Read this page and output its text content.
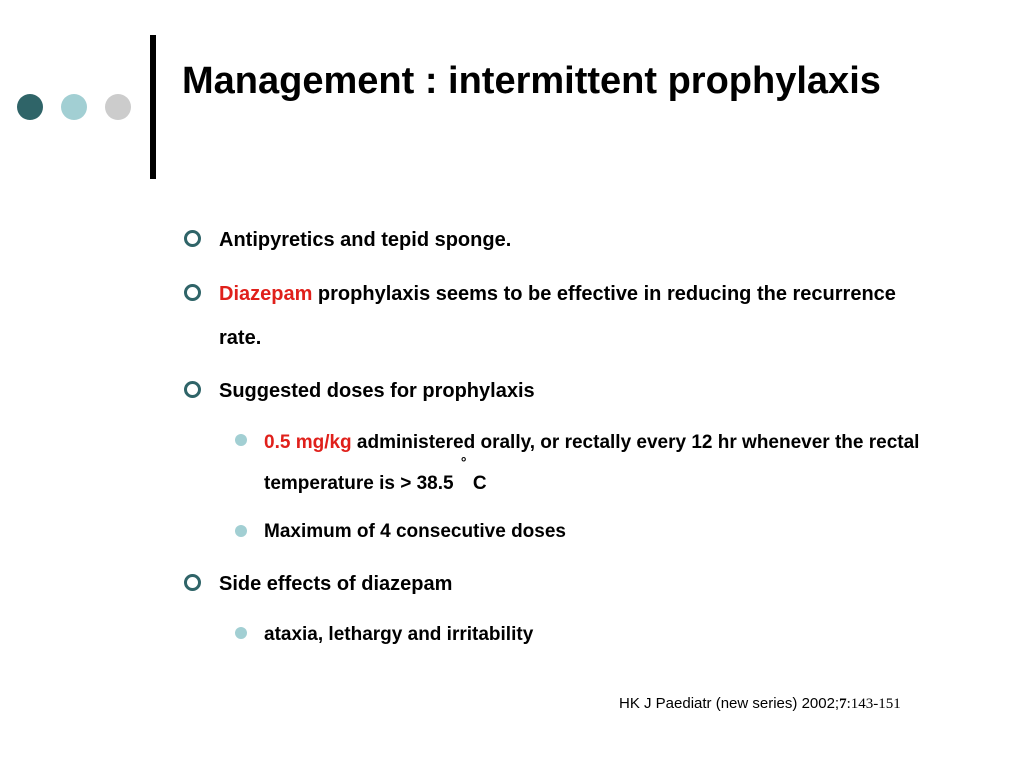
Management : intermittent prophylaxis

Antipyretics and tepid sponge.

Diazepam prophylaxis seems to be effective in reducing the recurrence rate.

Suggested doses for prophylaxis

0.5 mg/kg administered orally, or rectally every 12 hr whenever the rectal temperature is > 38.5
°
C

Maximum of 4 consecutive doses

Side effects of diazepam

ataxia, lethargy and irritability

HK J Paediatr (new series) 2002;7:143-151
